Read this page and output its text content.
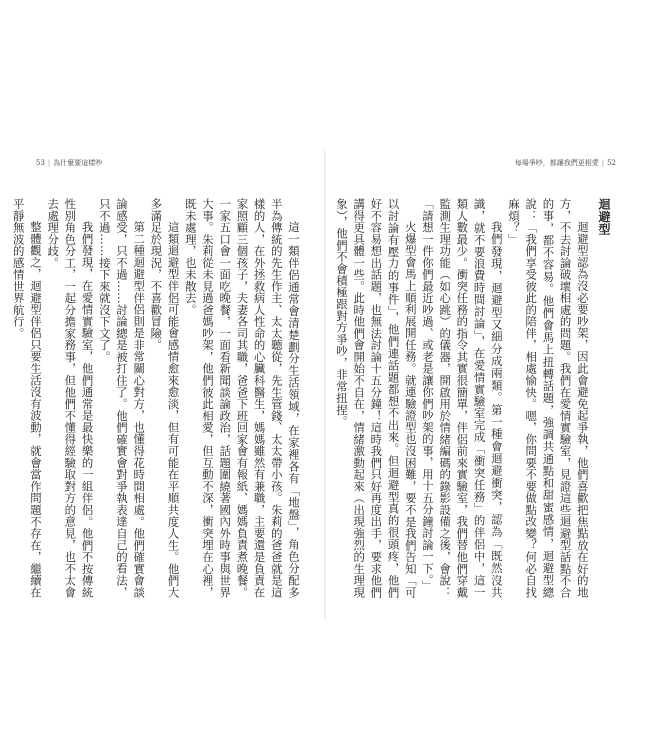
53 | 為什麼要這樣吵	每場爭吵，都讓我們更相愛 | 52

迴避型

迴避型認為沒必要吵架，因此會避免起爭執，他們喜歡把焦點放在好的地方，不去討論破壞相處的問題。我們在愛情實驗室，見證這些迴避型話點不合的事，都不容易。他們會馬上扭轉話題，強調共通點和甜蜜感情，迴避型總說：「我們享受彼此的陪伴，相處愉快。嗯，你問要不要做點改變？何必自找麻煩？」

我們發現，迴避型又細分成兩類。第一種會迴避衝突，認為「既然沒共識，就不要浪費時間討論」，在愛情實驗室完成「衝突任務」的伴侶中，這一類人數最少。衝突任務的指令其實很簡單，伴侶前來實驗室，我們替他們穿戴監測生理功能（如心跳）的儀器，開啟用於情緒編碼的錄影設備之後，會說：「請想一件你們最近吵過、或老是讓你們吵架的事，用十五分鐘討論一下。」

火爆型會馬上順利展開任務。就連驗證型也沒困難，要不是我們告知「可以討論有壓力的事件」，他們連話題都想不出來。但迴避型真的很頭疼，他們好不容易想出話題，也無法討論十五分鐘！這時我們只好再度出手，要求他們講得更具體一些。此時他們會開始不自在，情緒激動起來（出現強烈的生理現象），他們不會積極跟對方爭吵，非常扭捏。

這一類伴侶通常會清楚劃分生活領域，在家裡各有「地盤」，角色分配多半為傳統的先生作主、太太聽從，先生管錢、太太帶小孩。朱莉的爸爸就是這樣的人，在外拯救病人性命的心臟科醫生，媽媽雖然有兼職，主要還是負責在家照顧三個孩子，夫妻各司其職，爸爸下班回家會有報紙、媽媽負責煮晚餐。一家五口會一面吃晚餐，一面看新聞談論政治，話題圍繞著國內外時事與世界大事。朱莉從未見過爸媽吵架，他們彼此相愛，但互動不深，衝突埋在心裡，既未處理，也未散去。

這類迴避型伴侶可能會感情愈來愈淡，但有可能在平順共度人生。他們大多滿足於現況，不喜歡冒險。

第二種迴避型伴侶則是非常關心對方，也懂得花時間相處。他們確實會談論感受，只不過……討論總是被打住了。他們確實會對爭執表達自己的看法，只不過……接下來就沒下文了。

我們發現，在愛情實驗室，他們通常是最快樂的一組伴侶。他們不按傳統性別角色分工，一起分擔家務事，但他們不懂得經驗取對方的意見，也不太會去處理分歧。

整體觀之，迴避型伴侶只要生活沒有波動，就會當作問題不存在，繼續在平靜無波的感情世界航行。
